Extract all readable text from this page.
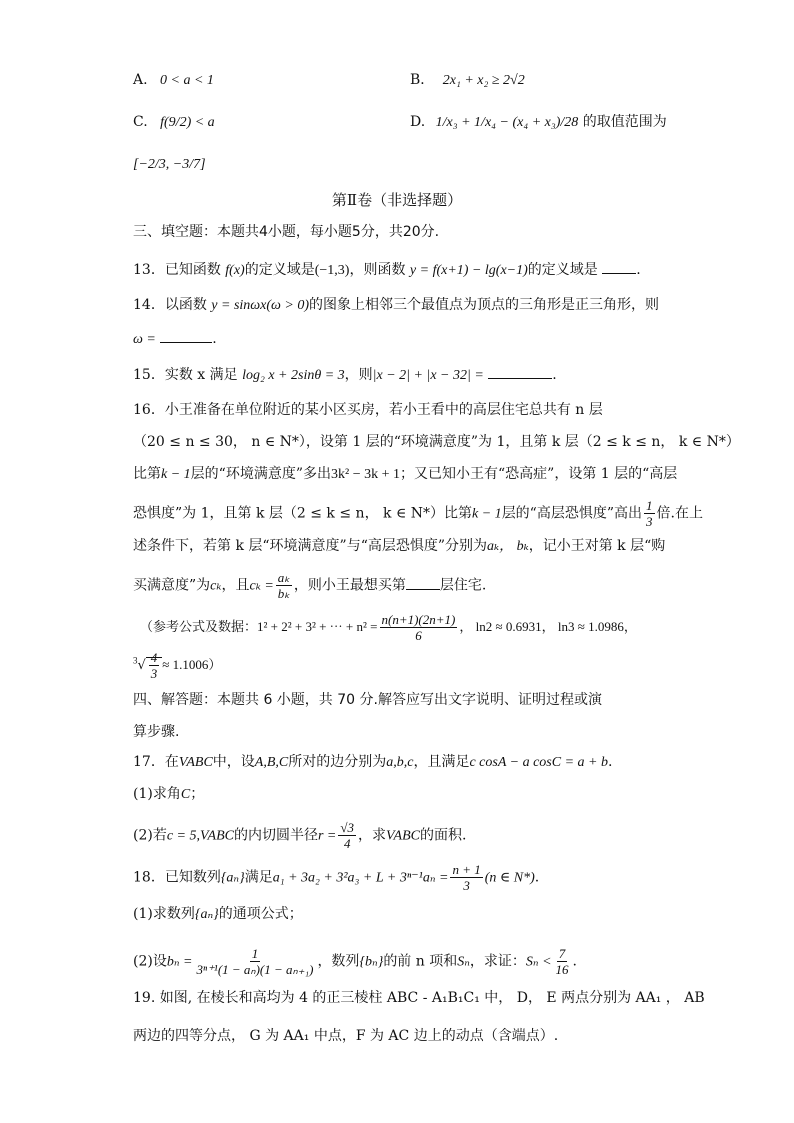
A. 0 < a < 1	B． 2x₁ + x₂ ≥ 2√2
C. f(9/2) < a	D. 1/x₃ + 1/x₄ − (x₄ + x₃)/28 的取值范围为
[−2/3, −3/7]
第Ⅱ卷（非选择题）
三、填空题：本题共4小题，每小题5分，共20分.
13．已知函数 f(x)的定义域是(−1,3)，则函数 y = f(x+1) − lg(x−1)的定义域是	.
14．以函数 y = sinωx(ω > 0)的图象上相邻三个最值点为顶点的三角形是正三角形，则
ω =	.
15．实数 x 满足 log₂ x + 2sinθ = 3，则|x − 2| + |x − 32| =	.
16．小王准备在单位附近的某小区买房，若小王看中的高层住宅总共有 n 层
（20 ≤ n ≤ 30， n ∈ N*），设第 1 层的“环境满意度”为 1，且第 k 层（2 ≤ k ≤ n， k ∈ N*）
比第k − 1层的“环境满意度”多出3k² − 3k + 1；又已知小王有“恐高症”，设第 1 层的“高层
恐惧度”为 1，且第 k 层（2 ≤ k ≤ n， k ∈ N*）比第k − 1层的“高层恐惧度”高出 $\frac{1}{3}$ 倍.在上
述条件下，若第 k 层“环境满意度”与“高层恐惧度”分别为aₖ， bₖ，记小王对第 k 层“购
买满意度”为cₖ，且$c_k = \frac{\text{aₖ}}{\text{bₖ}}$ ，则小王最想买第 层住宅.
（参考公式及数据：1² + 2² + 3² + ⋯ + $n^2 = \frac{n(n+1)(2n+1)}{6}$ ， ln2 ≈ 0.6931， ln3 ≈ 1.0986，
$^3√ \frac{4}{3} \approx 1.1006$）
四、解答题：本题共 6 小题，共 70 分.解答应写出文字说明、证明过程或演
算步骤.
17．在VABC中，设A,B,C所对的边分别为a,b,c，且满足c cosA − a cosC = a + b.
(1)求角C；
(2)若c = 5,VABC的内切圆半径$r = \frac{√3}{4}$ ，求VABC的面积.
18．已知数列{aₙ}满足$a_1 + 3a_2 + 3^2a_3 + L + 3^{n-1}a_n = \frac{n + 1}{3} (n$ ∈ N*).
(1)求数列{aₙ}的通项公式；
(2)设$b_n = \frac{1}{\text{3ⁿ⁺¹(1 − aₙ)(1 − aₙ₊₁)}}$ ，数列{bₙ}的前 n 项和Sₙ，求证：$S_n < \frac{7}{16}$ .
19. 如图, 在棱长和高均为 4 的正三棱柱 ABC - A₁B₁C₁ 中， D， E 两点分别为 AA₁ ， AB
两边的四等分点， G 为 AA₁ 中点，F 为 AC 边上的动点（含端点）.
